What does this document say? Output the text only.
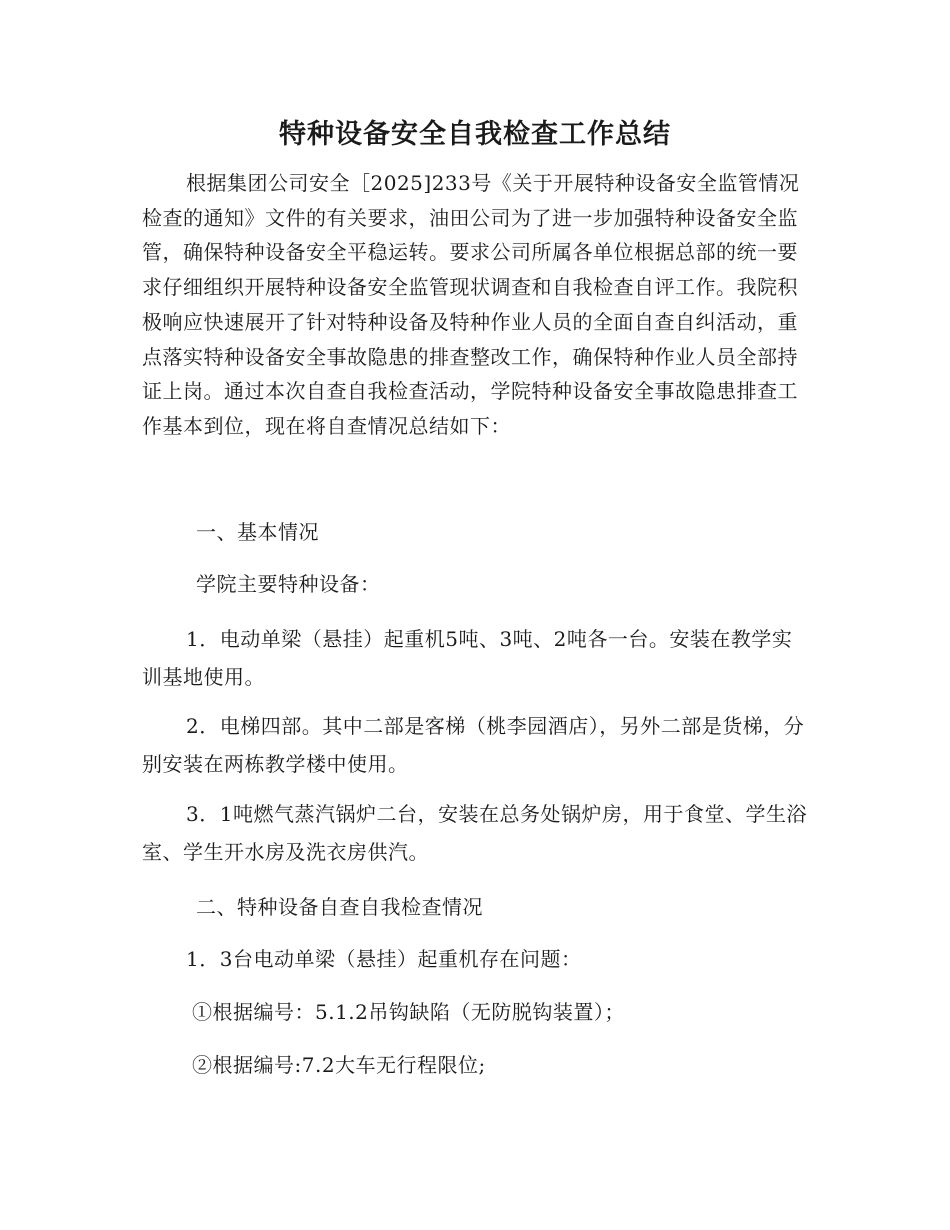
特种设备安全自我检查工作总结
根据集团公司安全［2025]233号《关于开展特种设备安全监管情况检查的通知》文件的有关要求，油田公司为了进一步加强特种设备安全监管，确保特种设备安全平稳运转。要求公司所属各单位根据总部的统一要求仔细组织开展特种设备安全监管现状调查和自我检查自评工作。我院积极响应快速展开了针对特种设备及特种作业人员的全面自查自纠活动，重点落实特种设备安全事故隐患的排查整改工作，确保特种作业人员全部持证上岗。通过本次自查自我检查活动，学院特种设备安全事故隐患排查工作基本到位，现在将自查情况总结如下：
一、基本情况
学院主要特种设备：
1．电动单梁（悬挂）起重机5吨、3吨、2吨各一台。安装在教学实训基地使用。
2．电梯四部。其中二部是客梯（桃李园酒店），另外二部是货梯，分别安装在两栋教学楼中使用。
3．1吨燃气蒸汽锅炉二台，安装在总务处锅炉房，用于食堂、学生浴室、学生开水房及洗衣房供汽。
二、特种设备自查自我检查情况
1．3台电动单梁（悬挂）起重机存在问题：
①根据编号：5.1.2吊钩缺陷（无防脱钩装置）；
②根据编号:7.2大车无行程限位;
